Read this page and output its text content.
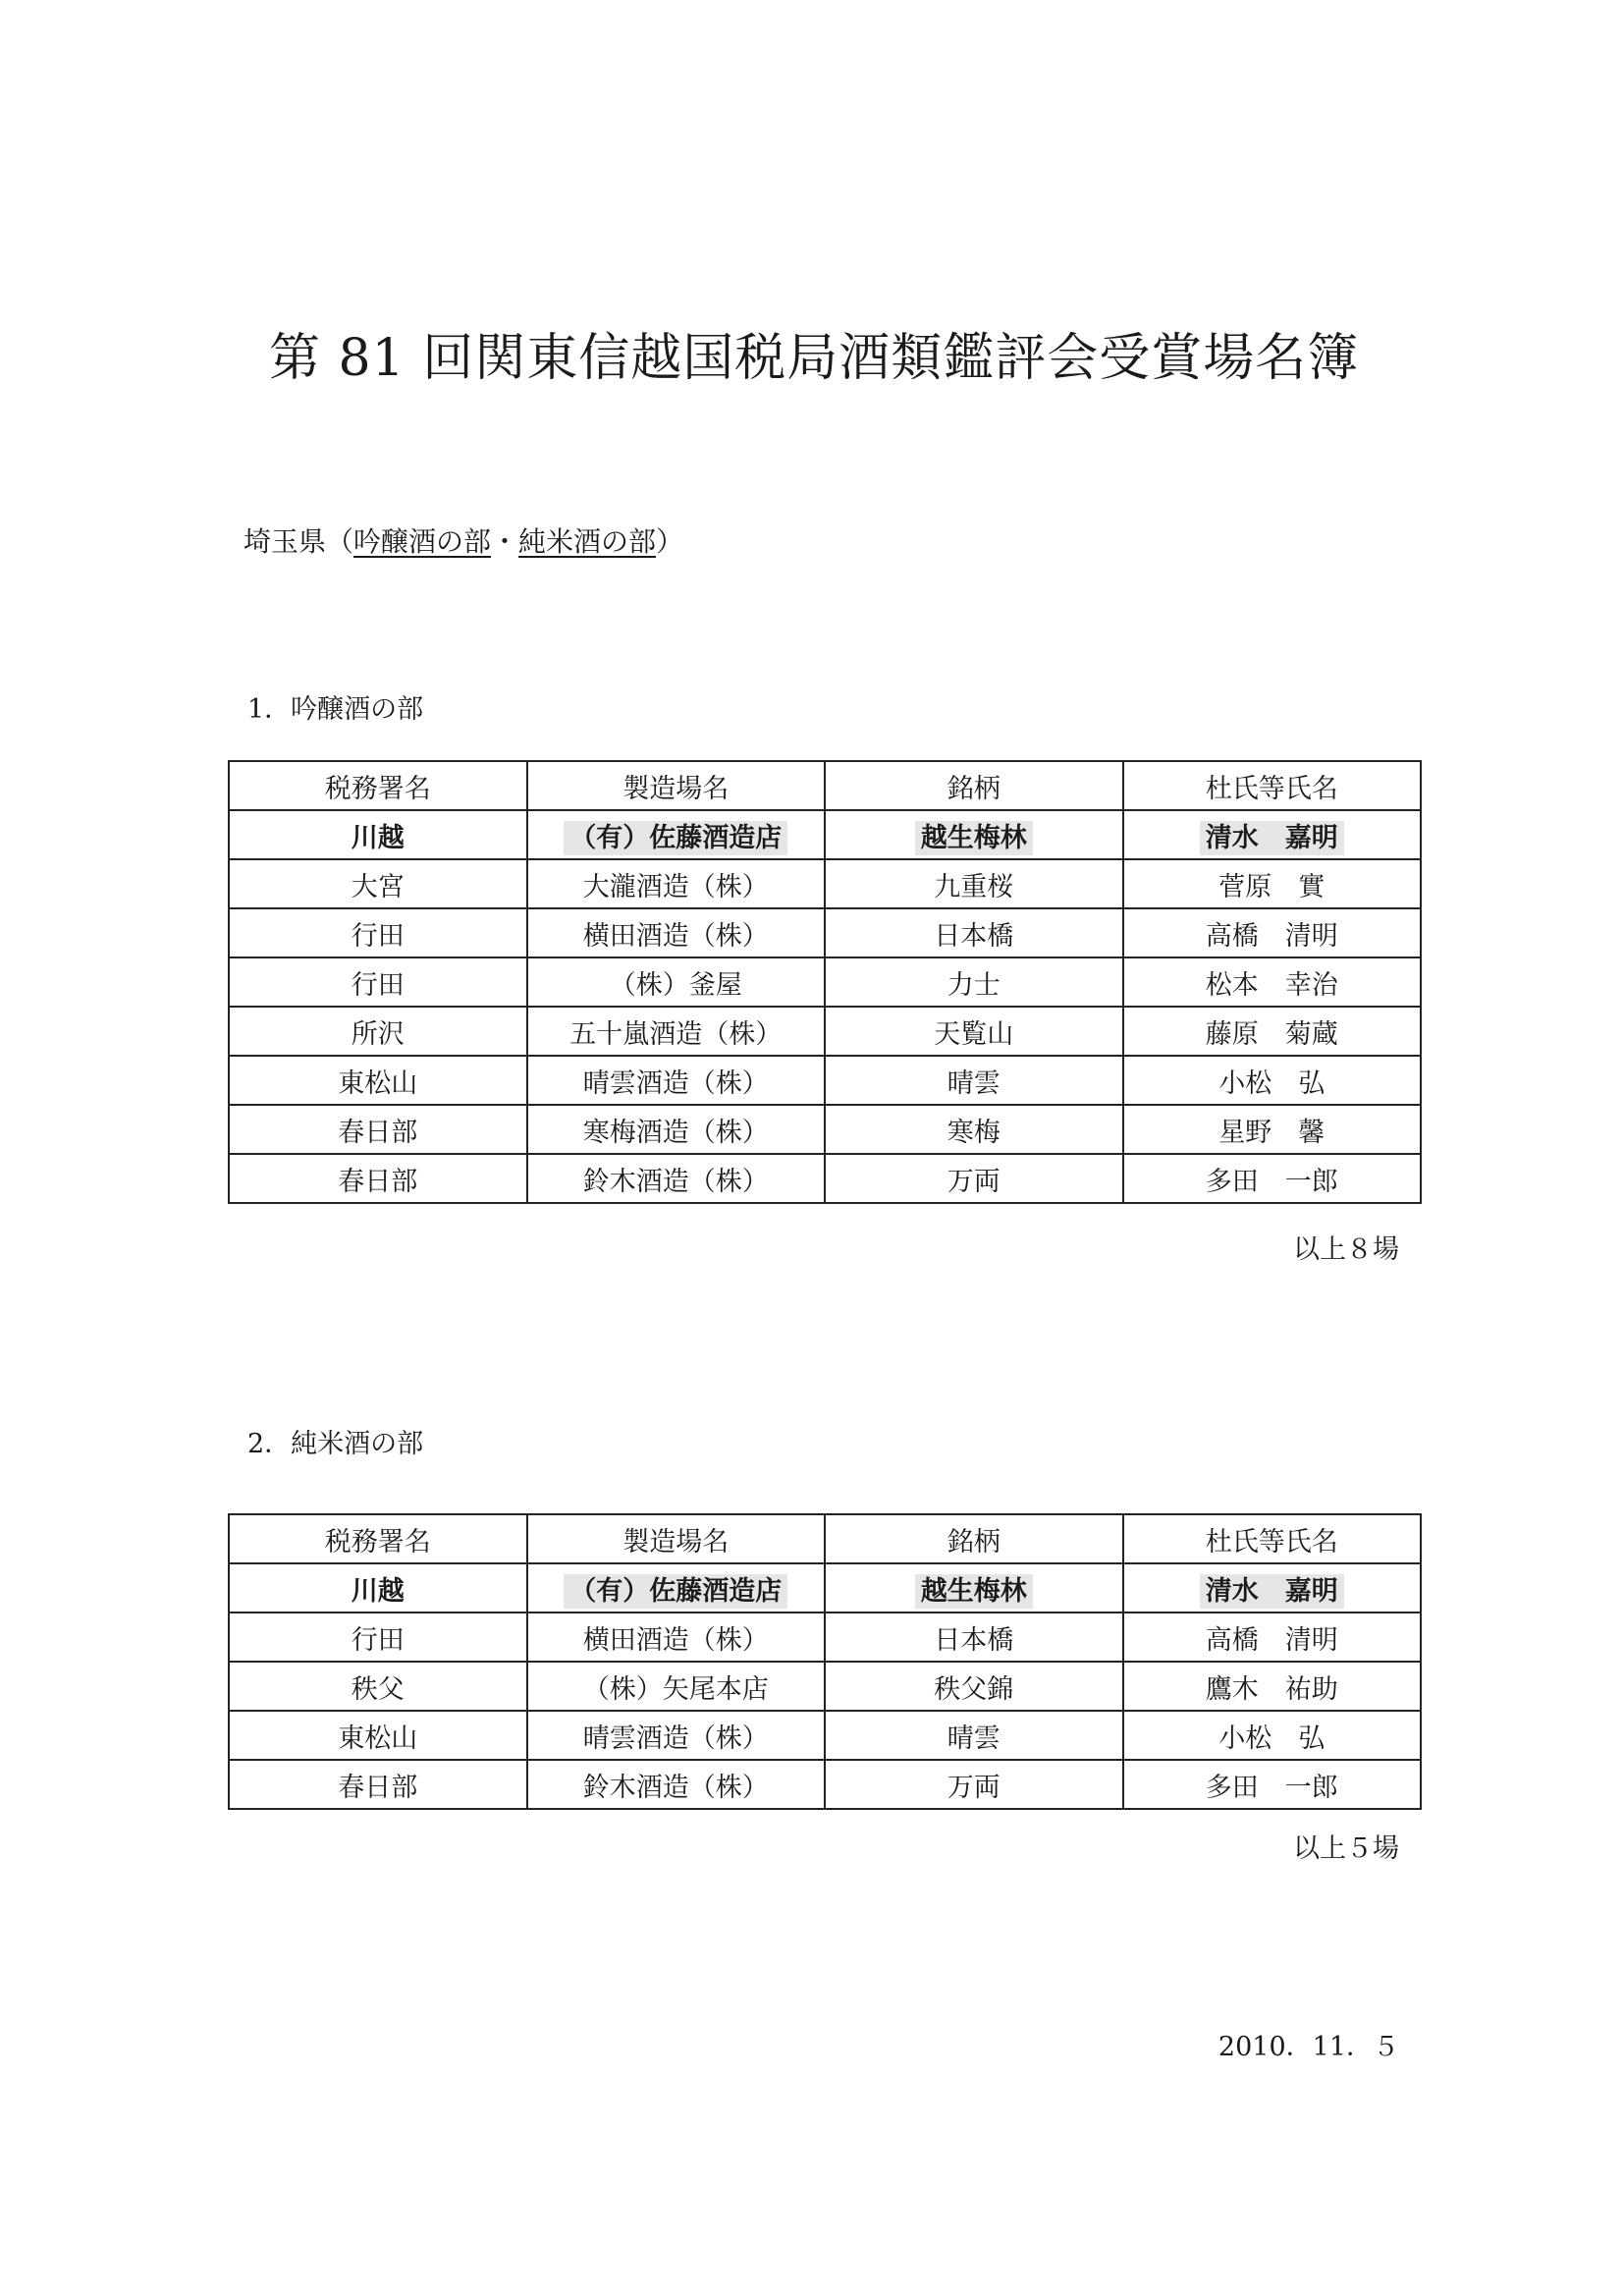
第 81 回関東信越国税局酒類鑑評会受賞場名簿
埼玉県（吟醸酒の部・純米酒の部）
1．吟醸酒の部
税務署名	製造場名	銘柄	杜氏等氏名
川越	（有）佐藤酒造店	越生梅林	清水　嘉明
大宮	大瀧酒造（株）	九重桜	菅原　實
行田	横田酒造（株）	日本橋	高橋　清明
行田	（株）釜屋	力士	松本　幸治
所沢	五十嵐酒造（株）	天覧山	藤原　菊蔵
東松山	晴雲酒造（株）	晴雲	小松　弘
春日部	寒梅酒造（株）	寒梅	星野　馨
春日部	鈴木酒造（株）	万両	多田　一郎
以上８場
2．純米酒の部
税務署名	製造場名	銘柄	杜氏等氏名
川越	（有）佐藤酒造店	越生梅林	清水　嘉明
行田	横田酒造（株）	日本橋	高橋　清明
秩父	（株）矢尾本店	秩父錦	鷹木　祐助
東松山	晴雲酒造（株）	晴雲	小松　弘
春日部	鈴木酒造（株）	万両	多田　一郎
以上５場
2010．11．５
